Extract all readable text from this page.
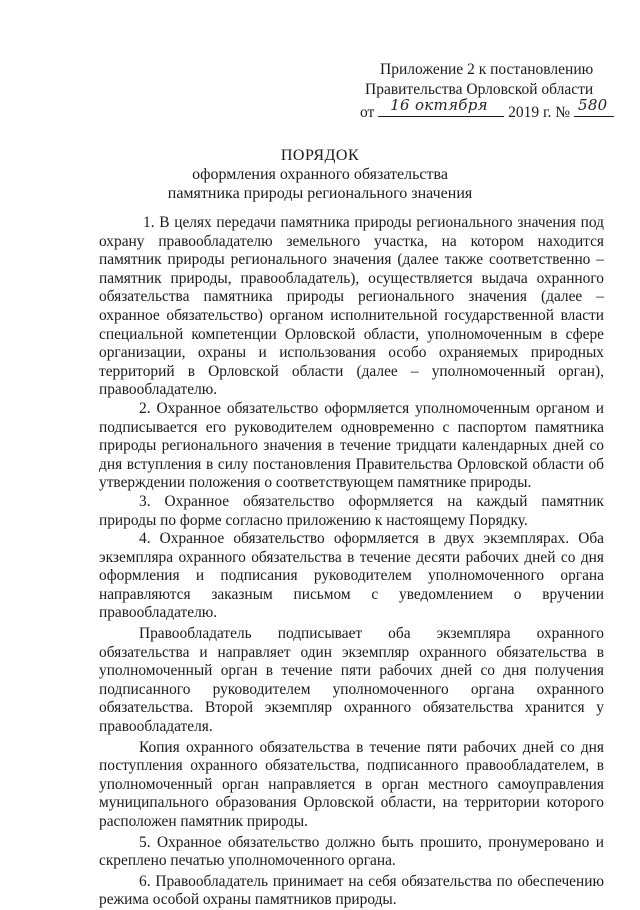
Приложение 2 к постановлению
Правительства Орловской области
от 16 октября 2019 г. № 580
ПОРЯДОК
оформления охранного обязательства
памятника природы регионального значения

1. В целях передачи памятника природы регионального значения под охрану правообладателю земельного участка, на котором находится памятник природы регионального значения (далее также соответственно – памятник природы, правообладатель), осуществляется выдача охранного обязательства памятника природы регионального значения (далее – охранное обязательство) органом исполнительной государственной власти специальной компетенции Орловской области, уполномоченным в сфере организации, охраны и использования особо охраняемых природных территорий в Орловской области (далее – уполномоченный орган), правообладателю.

2. Охранное обязательство оформляется уполномоченным органом и подписывается его руководителем одновременно с паспортом памятника природы регионального значения в течение тридцати календарных дней со дня вступления в силу постановления Правительства Орловской области об утверждении положения о соответствующем памятнике природы.

3. Охранное обязательство оформляется на каждый памятник природы по форме согласно приложению к настоящему Порядку.

4. Охранное обязательство оформляется в двух экземплярах. Оба экземпляра охранного обязательства в течение десяти рабочих дней со дня оформления и подписания руководителем уполномоченного органа направляются заказным письмом с уведомлением о вручении правообладателю.

Правообладатель подписывает оба экземпляра охранного обязательства и направляет один экземпляр охранного обязательства в уполномоченный орган в течение пяти рабочих дней со дня получения подписанного руководителем уполномоченного органа охранного обязательства. Второй экземпляр охранного обязательства хранится у правообладателя.

Копия охранного обязательства в течение пяти рабочих дней со дня поступления охранного обязательства, подписанного правообладателем, в уполномоченный орган направляется в орган местного самоуправления муниципального образования Орловской области, на территории которого расположен памятник природы.

5. Охранное обязательство должно быть прошито, пронумеровано и скреплено печатью уполномоченного органа.

6. Правообладатель принимает на себя обязательства по обеспечению режима особой охраны памятников природы.
